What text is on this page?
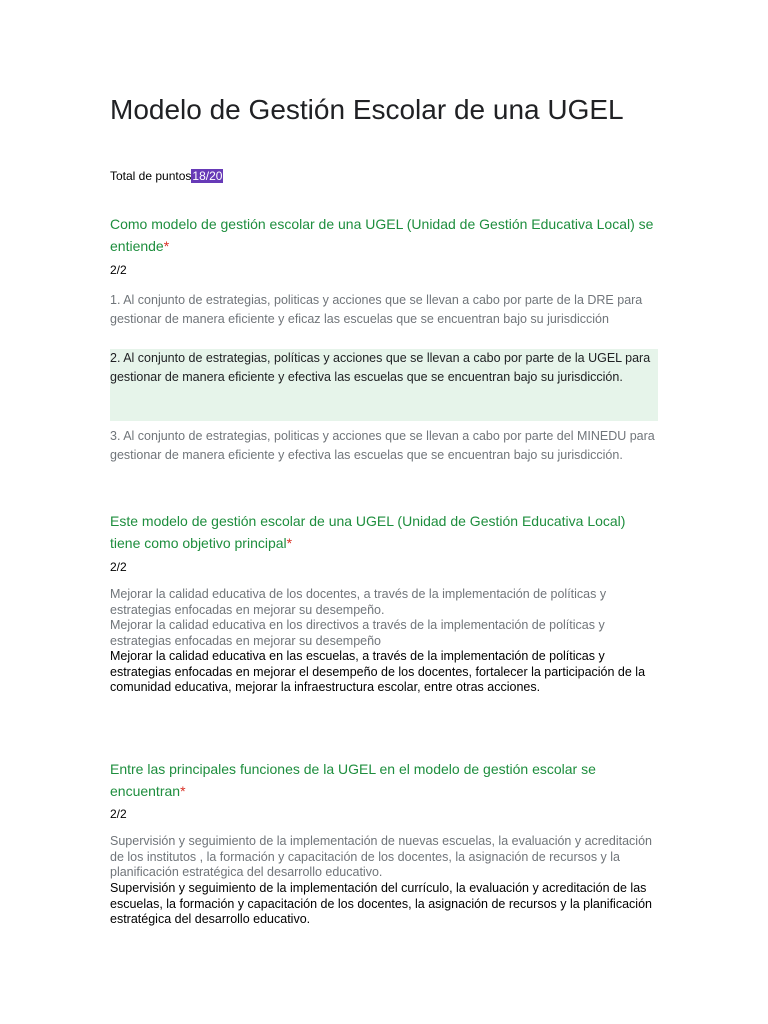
Modelo de Gestión Escolar de una UGEL
Total de puntos18/20

Como modelo de gestión escolar de una UGEL (Unidad de Gestión Educativa Local) se entiende*

2/2

1. Al conjunto de estrategias, politicas y acciones que se llevan a cabo por parte de la DRE para gestionar de manera eficiente y eficaz las escuelas que se encuentran bajo su jurisdicción

2. Al conjunto de estrategias, políticas y acciones que se llevan a cabo por parte de la UGEL para gestionar de manera eficiente y efectiva las escuelas que se encuentran bajo su jurisdicción.

3. Al conjunto de estrategias, politicas y acciones que se llevan a cabo por parte del MINEDU para gestionar de manera eficiente y efectiva las escuelas que se encuentran bajo su jurisdicción.

Este modelo de gestión escolar de una UGEL (Unidad de Gestión Educativa Local) tiene como objetivo principal*

2/2

Mejorar la calidad educativa de los docentes, a través de la implementación de políticas y estrategias enfocadas en mejorar su desempeño.

Mejorar la calidad educativa en los directivos a través de la implementación de políticas y estrategias enfocadas en mejorar su desempeño

Mejorar la calidad educativa en las escuelas, a través de la implementación de políticas y estrategias enfocadas en mejorar el desempeño de los docentes, fortalecer la participación de la comunidad educativa, mejorar la infraestructura escolar, entre otras acciones.

Entre las principales funciones de la UGEL en el modelo de gestión escolar se encuentran*

2/2

Supervisión y seguimiento de la implementación de nuevas escuelas, la evaluación y acreditación de los institutos , la formación y capacitación de los docentes, la asignación de recursos y la planificación estratégica del desarrollo educativo.

Supervisión y seguimiento de la implementación del currículo, la evaluación y acreditación de las escuelas, la formación y capacitación de los docentes, la asignación de recursos y la planificación estratégica del desarrollo educativo.
